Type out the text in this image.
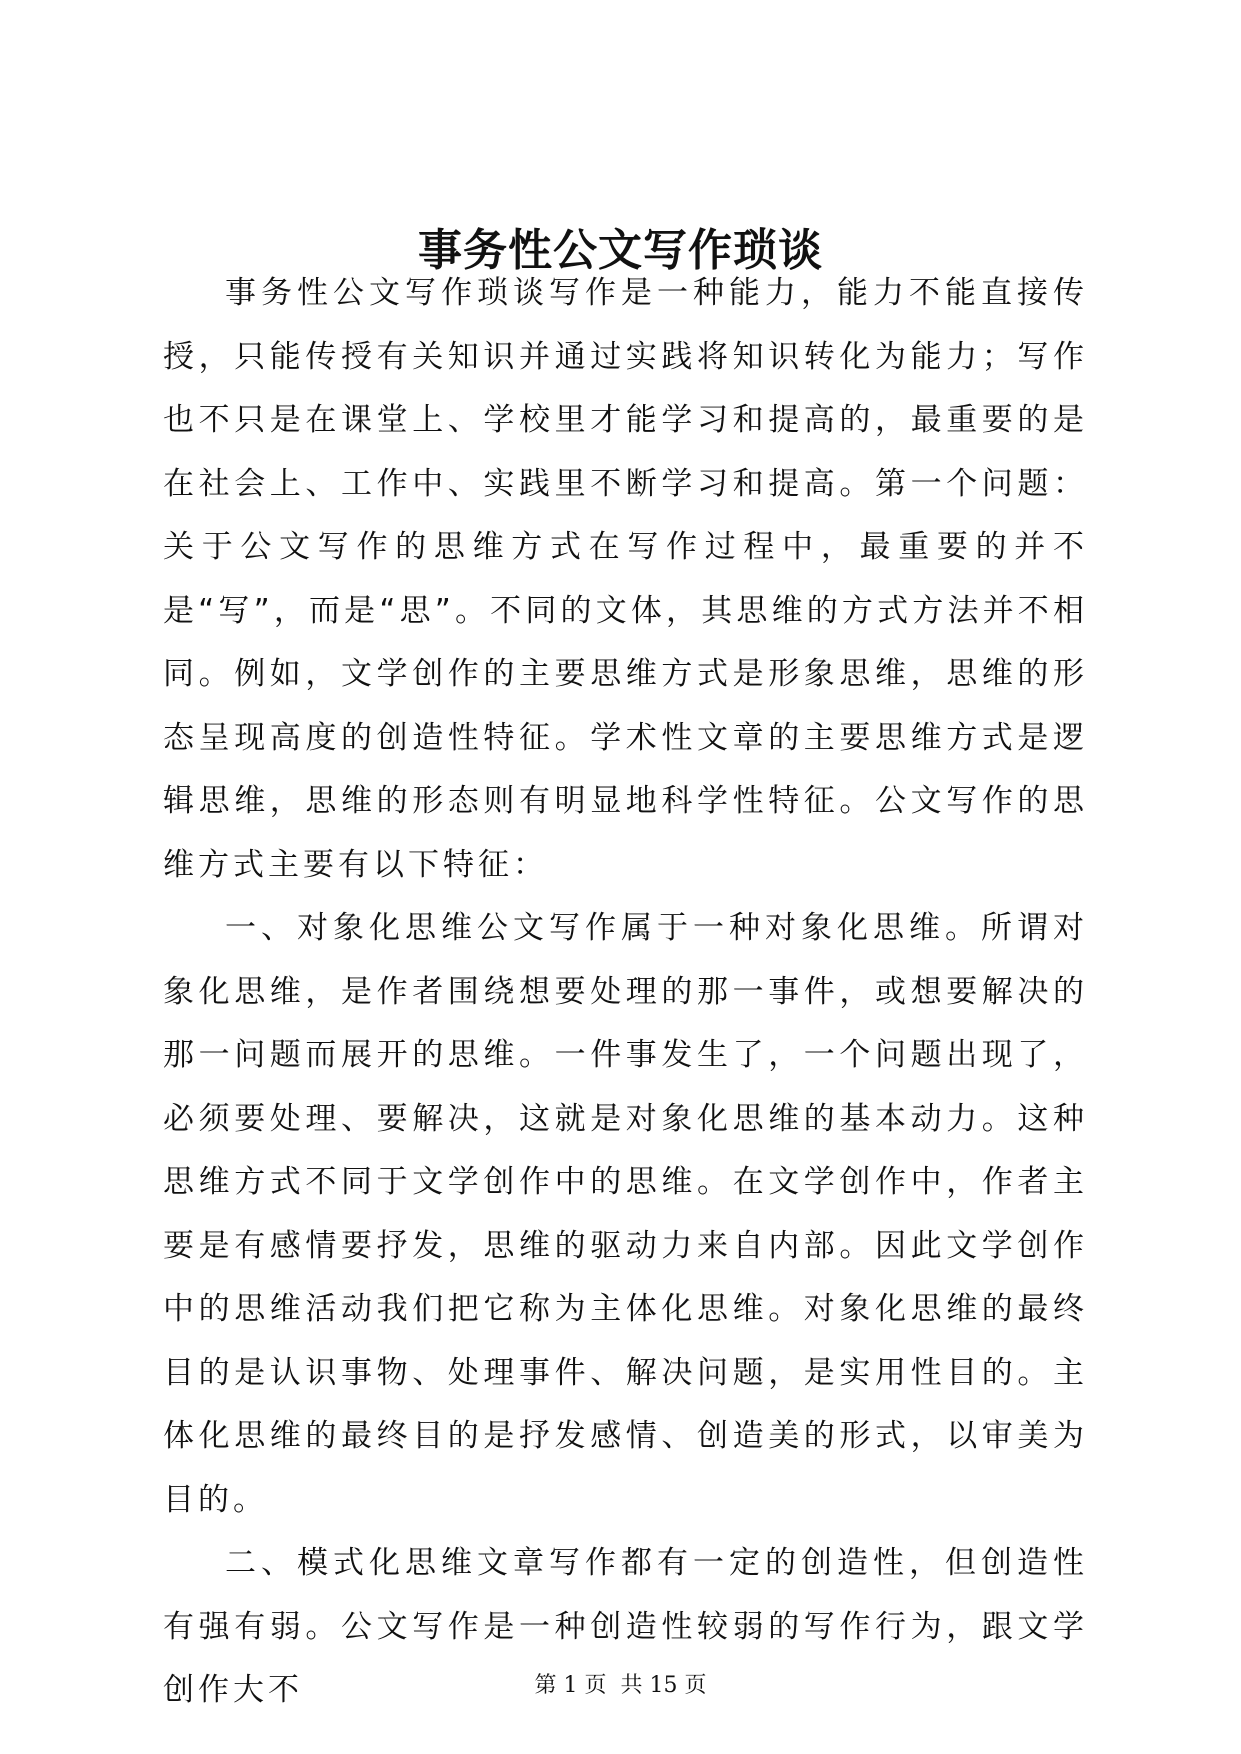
事务性公文写作琐谈

事务性公文写作琐谈写作是一种能力，能力不能直接传授，只能传授有关知识并通过实践将知识转化为能力；写作也不只是在课堂上、学校里才能学习和提高的，最重要的是在社会上、工作中、实践里不断学习和提高。第一个问题：关于公文写作的思维方式在写作过程中，最重要的并不是“写”，而是“思”。不同的文体，其思维的方式方法并不相同。例如，文学创作的主要思维方式是形象思维，思维的形态呈现高度的创造性特征。学术性文章的主要思维方式是逻辑思维，思维的形态则有明显地科学性特征。公文写作的思维方式主要有以下特征：

一、对象化思维公文写作属于一种对象化思维。所谓对象化思维，是作者围绕想要处理的那一事件，或想要解决的那一问题而展开的思维。一件事发生了，一个问题出现了，必须要处理、要解决，这就是对象化思维的基本动力。这种思维方式不同于文学创作中的思维。在文学创作中，作者主要是有感情要抒发，思维的驱动力来自内部。因此文学创作中的思维活动我们把它称为主体化思维。对象化思维的最终目的是认识事物、处理事件、解决问题，是实用性目的。主体化思维的最终目的是抒发感情、创造美的形式，以审美为目的。

二、模式化思维文章写作都有一定的创造性，但创造性有强有弱。公文写作是一种创造性较弱的写作行为，跟文学创作大不	第 1 页 共 15 页
